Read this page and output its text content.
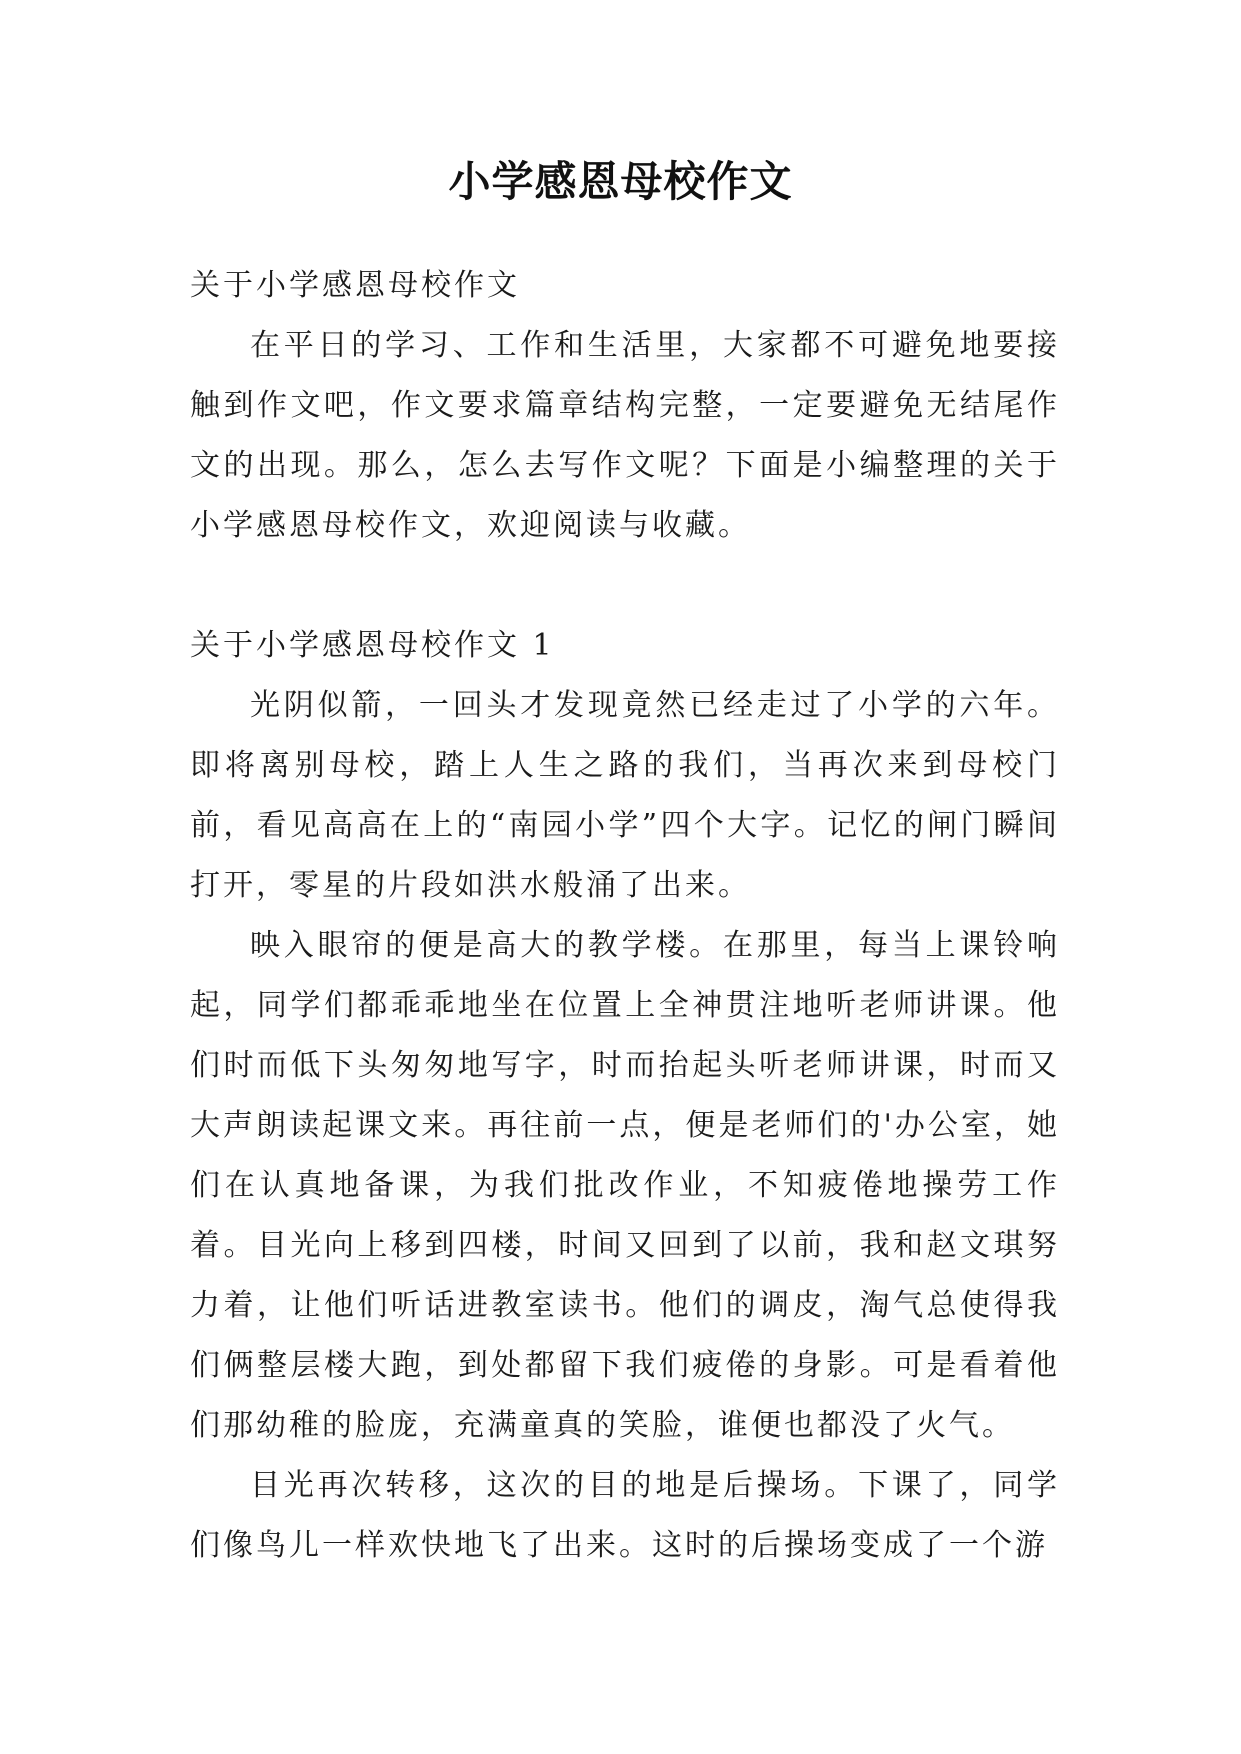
小学感恩母校作文

关于小学感恩母校作文

在平日的学习、工作和生活里，大家都不可避免地要接触到作文吧，作文要求篇章结构完整，一定要避免无结尾作文的出现。那么，怎么去写作文呢？下面是小编整理的关于小学感恩母校作文，欢迎阅读与收藏。

关于小学感恩母校作文 1

光阴似箭，一回头才发现竟然已经走过了小学的六年。即将离别母校，踏上人生之路的我们，当再次来到母校门前，看见高高在上的“南园小学”四个大字。记忆的闸门瞬间打开，零星的片段如洪水般涌了出来。

映入眼帘的便是高大的教学楼。在那里，每当上课铃响起，同学们都乖乖地坐在位置上全神贯注地听老师讲课。他们时而低下头匆匆地写字，时而抬起头听老师讲课，时而又大声朗读起课文来。再往前一点，便是老师们的'办公室，她们在认真地备课，为我们批改作业，不知疲倦地操劳工作着。目光向上移到四楼，时间又回到了以前，我和赵文琪努力着，让他们听话进教室读书。他们的调皮，淘气总使得我们俩整层楼大跑，到处都留下我们疲倦的身影。可是看着他们那幼稚的脸庞，充满童真的笑脸，谁便也都没了火气。

目光再次转移，这次的目的地是后操场。下课了，同学们像鸟儿一样欢快地飞了出来。这时的后操场变成了一个游
